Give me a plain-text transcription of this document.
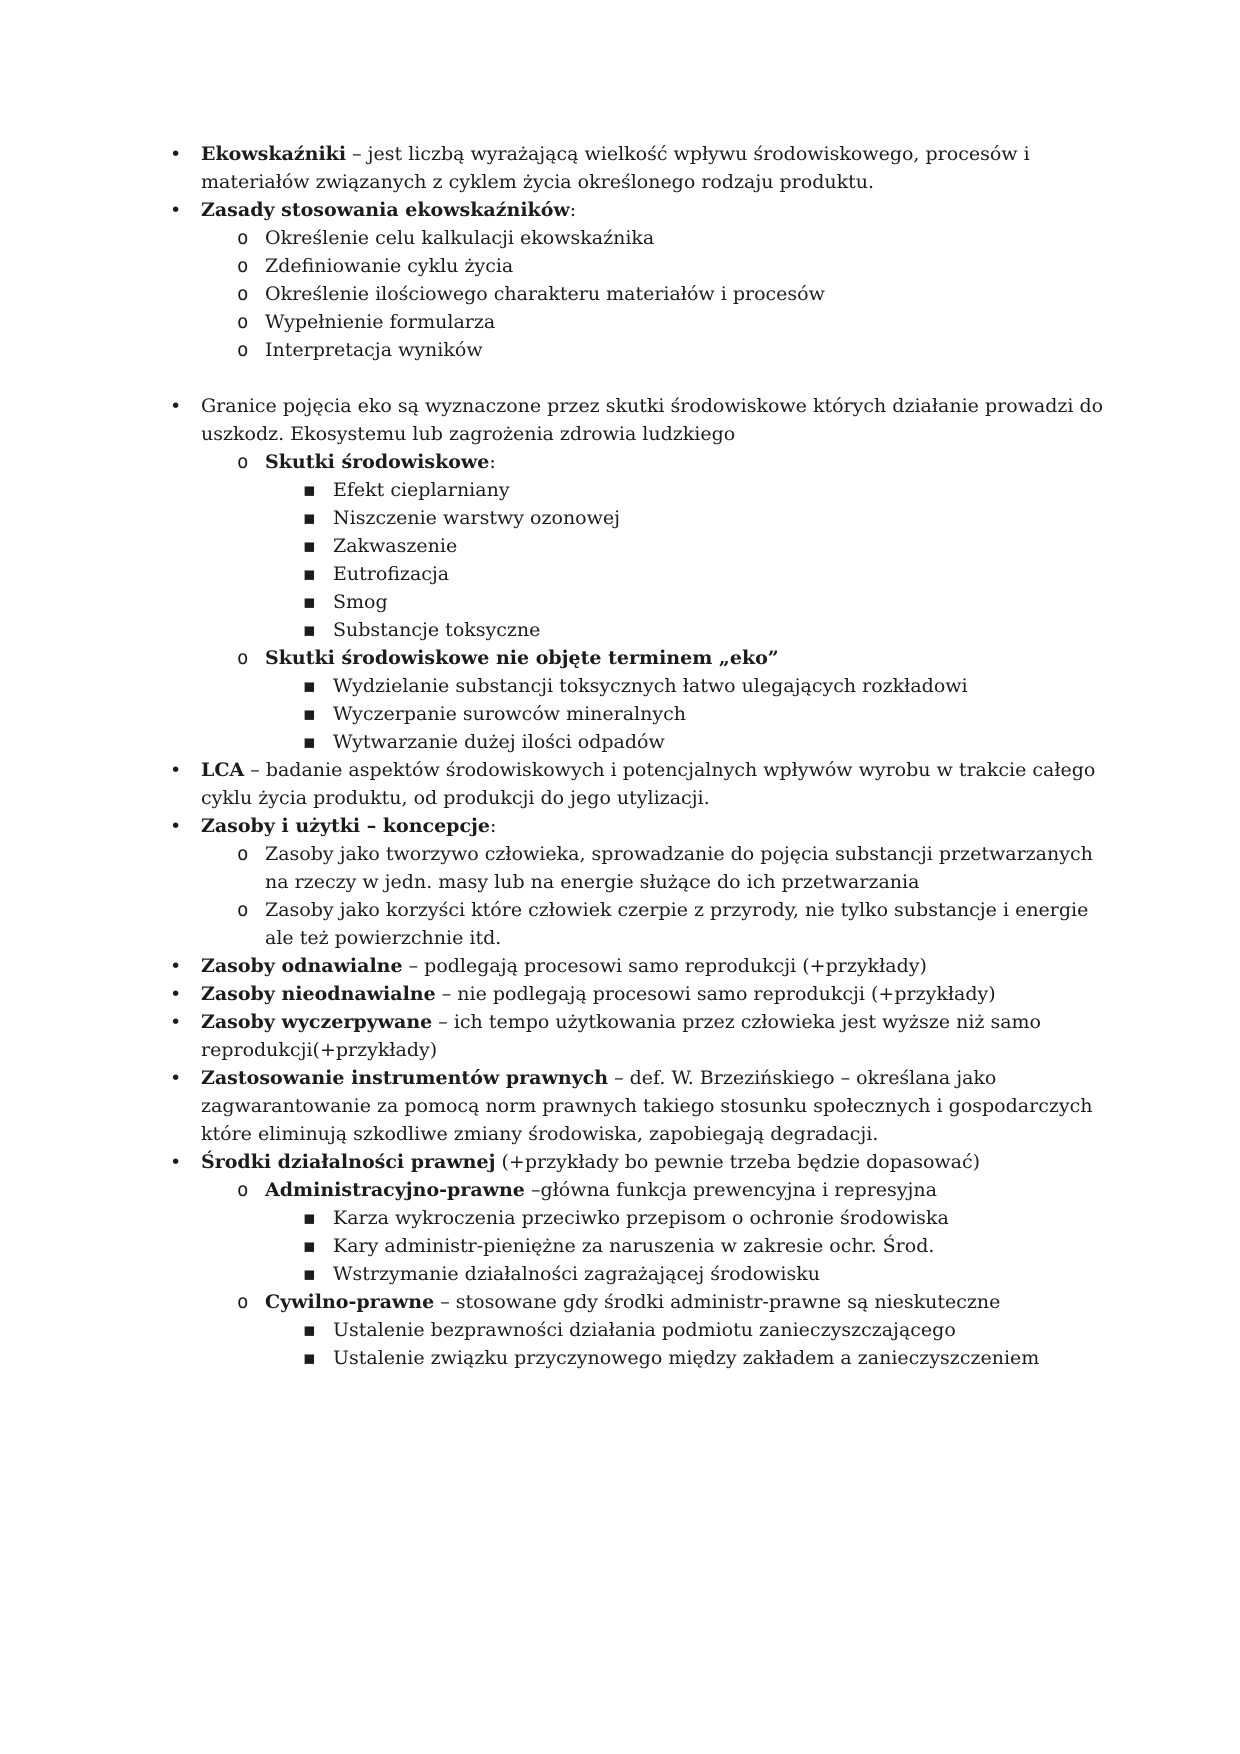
•	Ekowskaźniki – jest liczbą wyrażającą wielkość wpływu środowiskowego, procesów i materiałów związanych z cyklem życia określonego rodzaju produktu.

•	Zasady stosowania ekowskaźników:

o Określenie celu kalkulacji ekowskaźnika

o Zdefiniowanie cyklu życia

o Określenie ilościowego charakteru materiałów i procesów

o Wypełnienie formularza

o Interpretacja wyników

•	Granice pojęcia eko są wyznaczone przez skutki środowiskowe których działanie prowadzi do uszkodz. Ekosystemu lub zagrożenia zdrowia ludzkiego

o Skutki środowiskowe:

▪ Efekt cieplarniany

▪ Niszczenie warstwy ozonowej

▪ Zakwaszenie

▪ Eutrofizacja

▪ Smog

▪ Substancje toksyczne

o Skutki środowiskowe nie objęte terminem „eko”

▪ Wydzielanie substancji toksycznych łatwo ulegających rozkładowi

▪ Wyczerpanie surowców mineralnych

▪ Wytwarzanie dużej ilości odpadów

•	LCA – badanie aspektów środowiskowych i potencjalnych wpływów wyrobu w trakcie całego cyklu życia produktu, od produkcji do jego utylizacji.

•	Zasoby i użytki – koncepcje:

o Zasoby jako tworzywo człowieka, sprowadzanie do pojęcia substancji przetwarzanych na rzeczy w jedn. masy lub na energie służące do ich przetwarzania

o Zasoby jako korzyści które człowiek czerpie z przyrody, nie tylko substancje i energie ale też powierzchnie itd.

•	Zasoby odnawialne – podlegają procesowi samo reprodukcji (+przykłady)

•	Zasoby nieodnawialne – nie podlegają procesowi samo reprodukcji (+przykłady)

•	Zasoby wyczerpywane – ich tempo użytkowania przez człowieka jest wyższe niż samo reprodukcji(+przykłady)

•	Zastosowanie instrumentów prawnych – def. W. Brzezińskiego – określana jako zagwarantowanie za pomocą norm prawnych takiego stosunku społecznych i gospodarczych które eliminują szkodliwe zmiany środowiska, zapobiegają degradacji.

•	Środki działalności prawnej (+przykłady bo pewnie trzeba będzie dopasować)

o Administracyjno-prawne –główna funkcja prewencyjna i represyjna

▪ Karza wykroczenia przeciwko przepisom o ochronie środowiska

▪ Kary administr-pieniężne za naruszenia w zakresie ochr. Środ.

▪ Wstrzymanie działalności zagrażającej środowisku

o Cywilno-prawne – stosowane gdy środki administr-prawne są nieskuteczne

▪ Ustalenie bezprawności działania podmiotu zanieczyszczającego

▪ Ustalenie związku przyczynowego między zakładem a zanieczyszczeniem
